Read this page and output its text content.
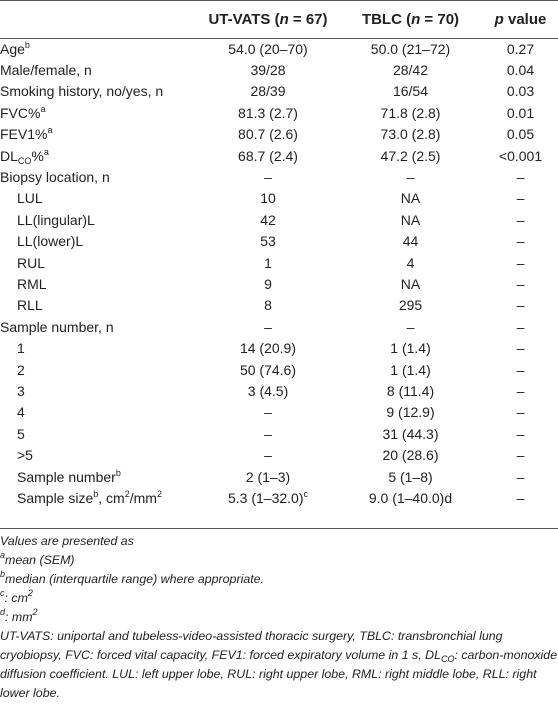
	UT-VATS (n = 67)	TBLC (n = 70)	p value
Age$^b$	54.0 (20–70)	50.0 (21–72)	0.27
Male/female, n	39/28	28/42	0.04
Smoking history, no/yes, n	28/39	16/54	0.03
FVC%$^a$	81.3 (2.7)	71.8 (2.8)	0.01
FEV1%$^a$	80.7 (2.6)	73.0 (2.8)	0.05
$DL_{CO}\%^a$	68.7 (2.4)	47.2 (2.5)	<0.001
Biopsy location, n	–	–	–
LUL	10	NA	–
LL(lingular)L	42	NA	–
LL(lower)L	53	44	–
RUL	1	4	–
RML	9	NA	–
RLL	8	295	–
Sample number, n	–	–	–
1	14 (20.9)	1 (1.4)	–
2	50 (74.6)	1 (1.4)	–
3	3 (4.5)	8 (11.4)	–
4	–	9 (12.9)	–
5	–	31 (44.3)	–
>5	–	20 (28.6)	–
Sample number$^b$	2 (1–3)	5 (1–8)	–
Sample size$^b$, $cm^2/mm^2$	5.3 $(1-32.0)^c$	9.0 (1–40.0)d	–
Values are presented as
$^a$mean (SEM)
$^b$median (interquartile range) where appropriate.
$^c$: $cm^2$
$^d$: $mm^2$
UT-VATS: uniportal and tubeless-video-assisted thoracic surgery, TBLC: transbronchial lung cryobiopsy, FVC: forced vital capacity, FEV1: forced expiratory volume in 1 s, $DL_{CO}$: carbon-monoxide diffusion coefficient. LUL: left upper lobe, RUL: right upper lobe, RML: right middle lobe, RLL: right lower lobe.
